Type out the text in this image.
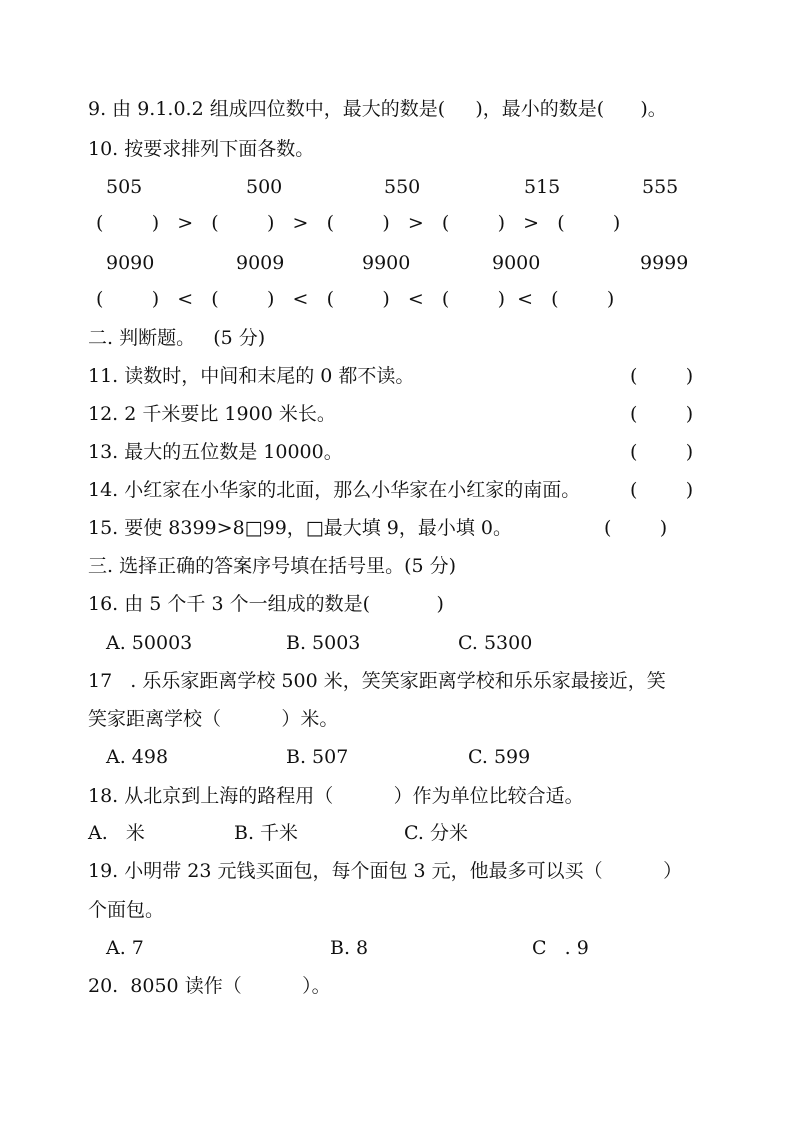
9. 由 9.1.0.2 组成四位数中，最大的数是(     )，最小的数是(      )。
10. 按要求排列下面各数。
505	500	550	515	555
(        )   >   (        )   >   (        )   >   (        )   >   (        )
9090	9009	9900	9000	9999
(        )   <   (        )   <   (        )   <   (        )  <   (        )
二. 判断题。   (5 分)
11. 读数时，中间和末尾的 0 都不读。	(        )
12. 2 千米要比 1900 米长。	(        )
13. 最大的五位数是 10000。	(        )
14. 小红家在小华家的北面，那么小华家在小红家的南面。	(        )
15. 要使 8399>8□99，□最大填 9，最小填 0。	(        )
三. 选择正确的答案序号填在括号里。(5 分)
16. 由 5 个千 3 个一组成的数是(           )
A. 50003	B. 5003	C. 5300
17   . 乐乐家距离学校 500 米，笑笑家距离学校和乐乐家最接近，笑
笑家距离学校（          ）米。
A. 498	B. 507	C. 599
18. 从北京到上海的路程用（          ）作为单位比较合适。
A.   米	B. 千米	C. 分米
19. 小明带 23 元钱买面包，每个面包 3 元，他最多可以买（          ）
个面包。
A. 7	B. 8	C   . 9
20.  8050 读作（          ）。
